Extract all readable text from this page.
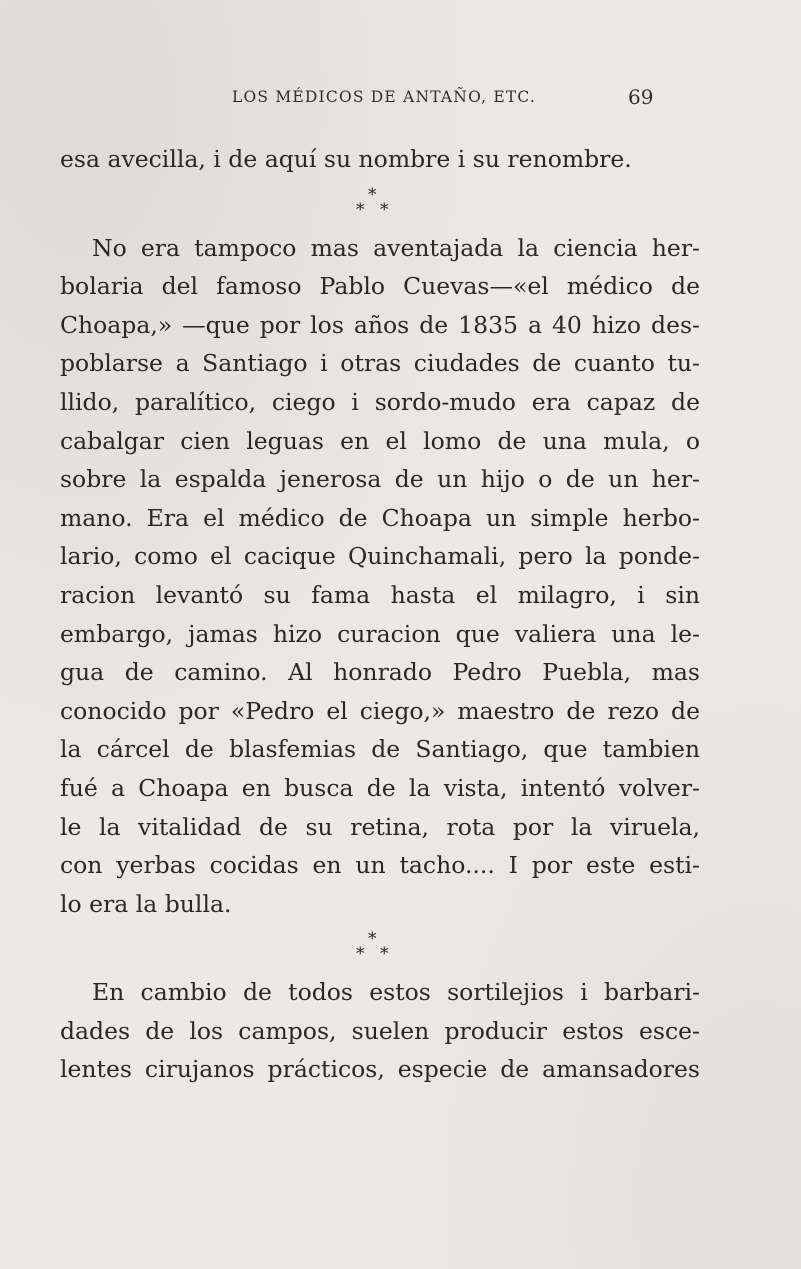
LOS MÉDICOS DE ANTAÑO, ETC.	69
esa avecilla, i de aquí su nombre i su renombre.
*
* *
No era tampoco mas aventajada la ciencia her-
bolaria del famoso Pablo Cuevas—«el médico de
Choapa,» —que por los años de 1835 a 40 hizo des-
poblarse a Santiago i otras ciudades de cuanto tu-
llido, paralítico, ciego i sordo-mudo era capaz de
cabalgar cien leguas en el lomo de una mula, o
sobre la espalda jenerosa de un hijo o de un her-
mano. Era el médico de Choapa un simple herbo-
lario, como el cacique Quinchamali, pero la ponde-
racion levantó su fama hasta el milagro, i sin
embargo, jamas hizo curacion que valiera una le-
gua de camino. Al honrado Pedro Puebla, mas
conocido por «Pedro el ciego,» maestro de rezo de
la cárcel de blasfemias de Santiago, que tambien
fué a Choapa en busca de la vista, intentó volver-
le la vitalidad de su retina, rota por la viruela,
con yerbas cocidas en un tacho.... I por este esti-
lo era la bulla.
*
* *
En cambio de todos estos sortilejios i barbari-
dades de los campos, suelen producir estos esce-
lentes cirujanos prácticos, especie de amansadores
